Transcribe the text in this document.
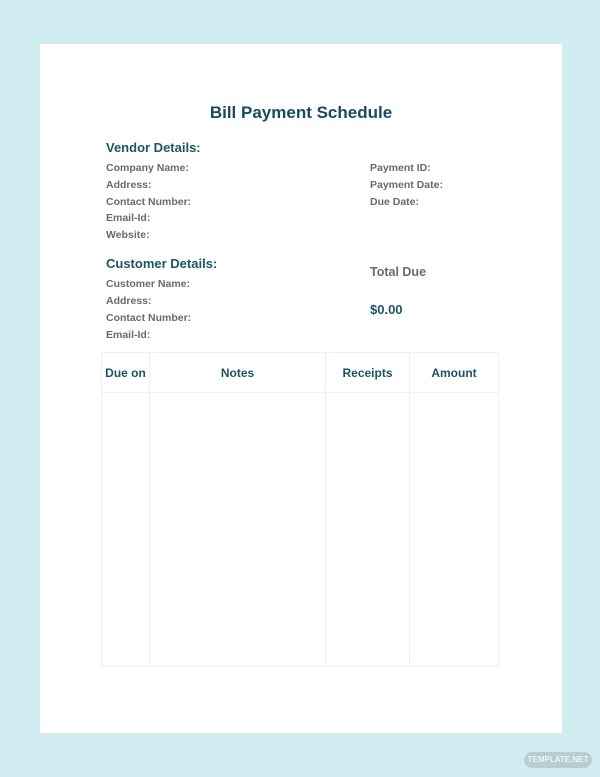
Bill Payment Schedule
Vendor Details:
Company Name:
Address:
Contact Number:
Email-Id:
Website:
Payment ID:
Payment Date:
Due Date:
Customer Details:
Customer Name:
Address:
Contact Number:
Email-Id:
Total Due
$0.00
Due on	Notes	Receipts	Amount

TEMPLATE.NET
